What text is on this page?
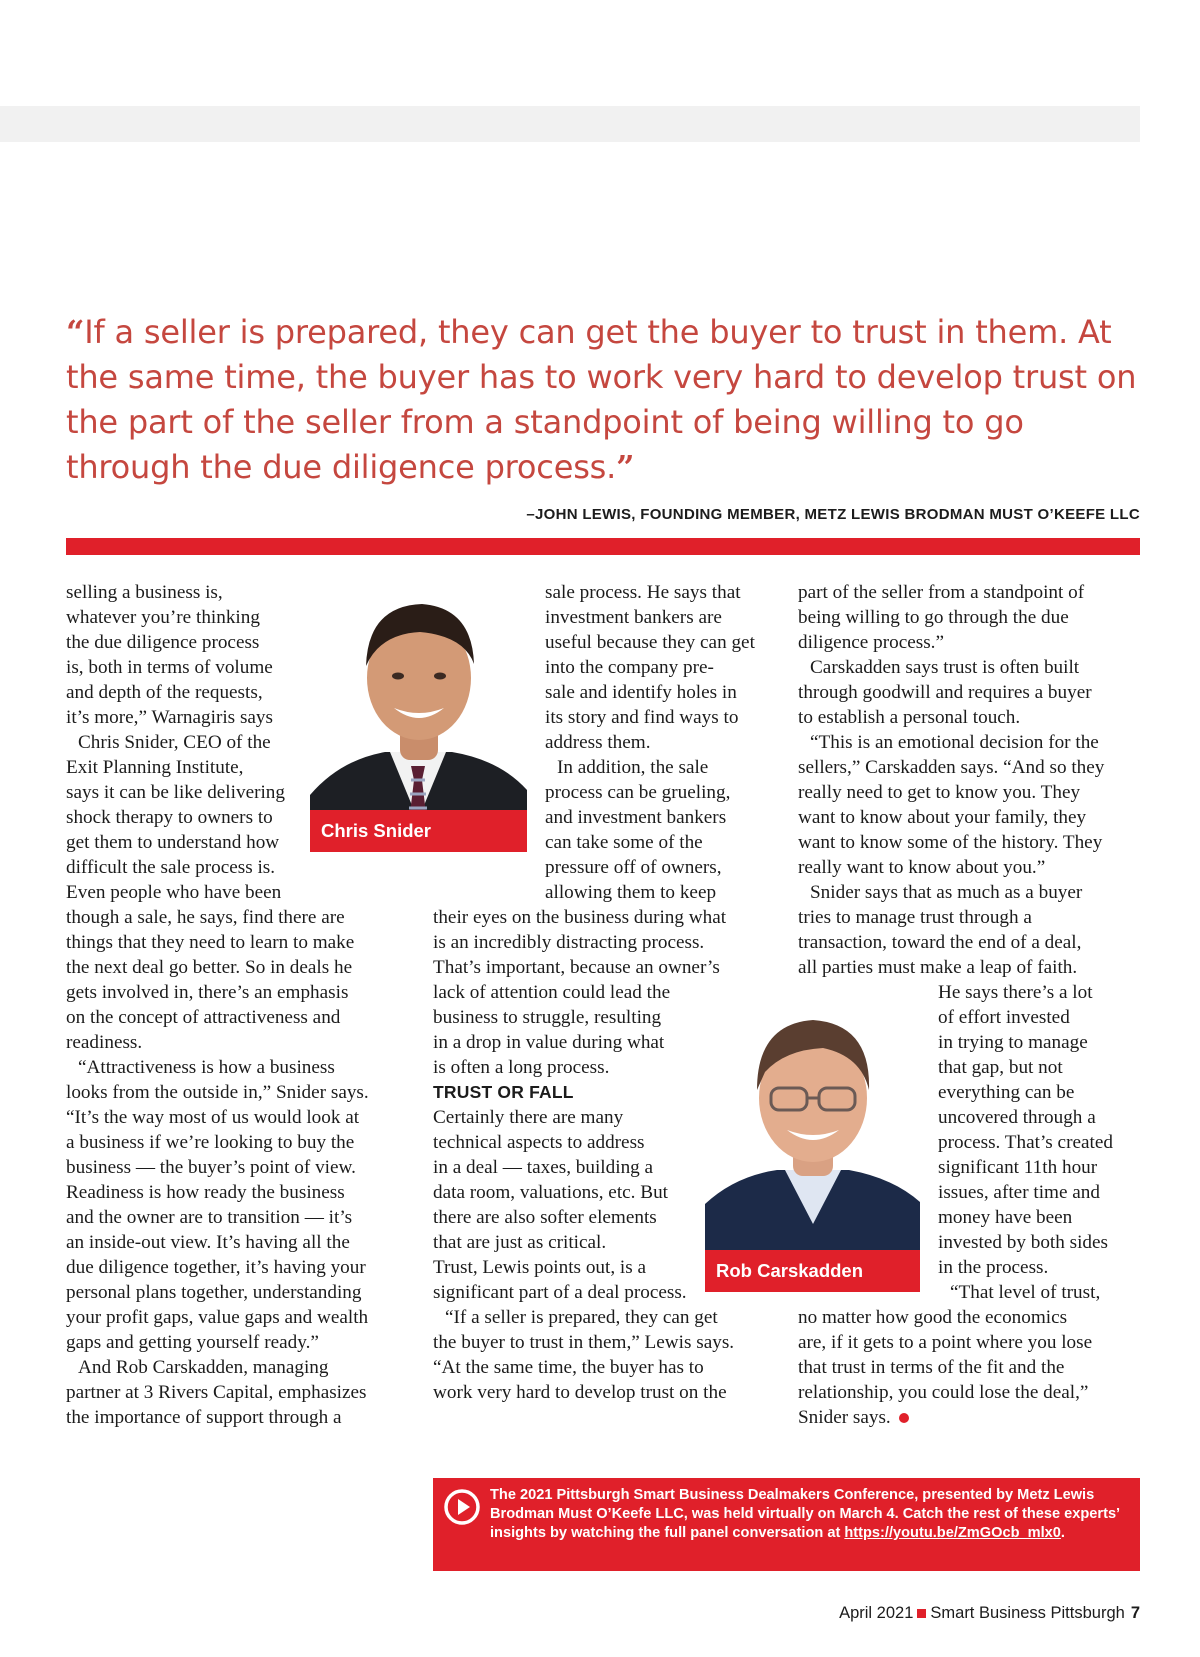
“If a seller is prepared, they can get the buyer to trust in them. At the same time, the buyer has to work very hard to develop trust on the part of the seller from a standpoint of being willing to go through the due diligence process.”

–JOHN LEWIS, FOUNDING MEMBER, METZ LEWIS BRODMAN MUST O’KEEFE LLC

selling a business is,

whatever you’re thinking

the due diligence process

is, both in terms of volume

and depth of the requests,

it’s more,” Warnagiris says

Chris Snider, CEO of the

Exit Planning Institute,

says it can be like delivering

shock therapy to owners to

get them to understand how

difficult the sale process is.

Even people who have been

though a sale, he says, find there are

things that they need to learn to make

the next deal go better. So in deals he

gets involved in, there’s an emphasis

on the concept of attractiveness and

readiness.

“Attractiveness is how a business

looks from the outside in,” Snider says.

“It’s the way most of us would look at

a business if we’re looking to buy the

business — the buyer’s point of view.

Readiness is how ready the business

and the owner are to transition — it’s

an inside-out view. It’s having all the

due diligence together, it’s having your

personal plans together, understanding

your profit gaps, value gaps and wealth

gaps and getting yourself ready.”

And Rob Carskadden, managing

partner at 3 Rivers Capital, emphasizes

the importance of support through a

Chris Snider

sale process. He says that

investment bankers are

useful because they can get

into the company pre-

sale and identify holes in

its story and find ways to

address them.

In addition, the sale

process can be grueling,

and investment bankers

can take some of the

pressure off of owners,

allowing them to keep

their eyes on the business during what

is an incredibly distracting process.

That’s important, because an owner’s

lack of attention could lead the

business to struggle, resulting

in a drop in value during what

is often a long process.

TRUST OR FALL

Certainly there are many

technical aspects to address

in a deal — taxes, building a

data room, valuations, etc. But

there are also softer elements

that are just as critical.

Trust, Lewis points out, is a

significant part of a deal process.

“If a seller is prepared, they can get

the buyer to trust in them,” Lewis says.

“At the same time, the buyer has to

work very hard to develop trust on the

Rob Carskadden

part of the seller from a standpoint of

being willing to go through the due

diligence process.”

Carskadden says trust is often built

through goodwill and requires a buyer

to establish a personal touch.

“This is an emotional decision for the

sellers,” Carskadden says. “And so they

really need to get to know you. They

want to know about your family, they

want to know some of the history. They

really want to know about you.”

Snider says that as much as a buyer

tries to manage trust through a

transaction, toward the end of a deal,

all parties must make a leap of faith.

He says there’s a lot

of effort invested

in trying to manage

that gap, but not

everything can be

uncovered through a

process. That’s created

significant 11th hour

issues, after time and

money have been

invested by both sides

in the process.

“That level of trust,

no matter how good the economics

are, if it gets to a point where you lose

that trust in terms of the fit and the

relationship, you could lose the deal,”

Snider says.

The 2021 Pittsburgh Smart Business Dealmakers Conference, presented by Metz Lewis Brodman Must O’Keefe LLC, was held virtually on March 4. Catch the rest of these experts’ insights by watching the full panel conversation at https://youtu.be/ZmGOcb_mlx0.
April 2021 Smart Business Pittsburgh 7
